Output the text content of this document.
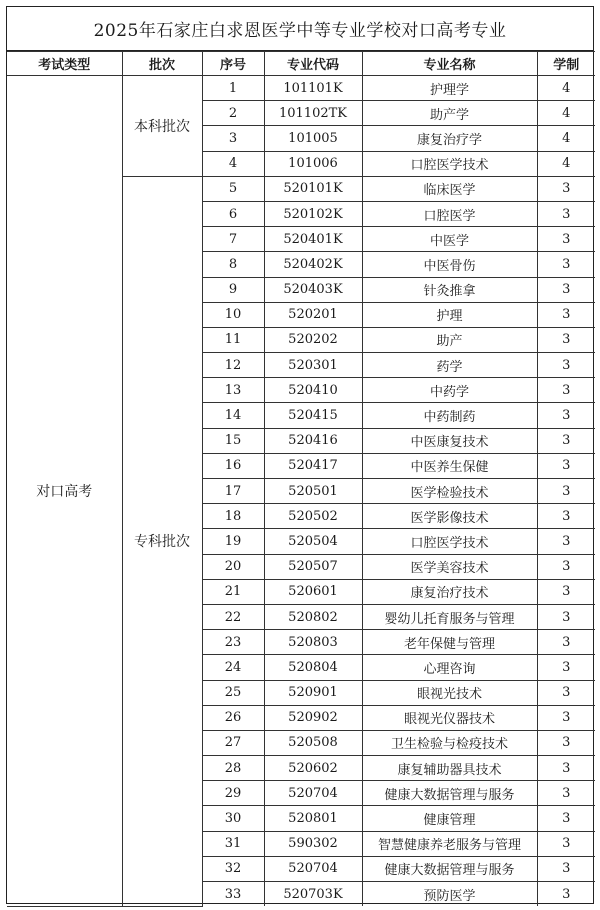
2025年石家庄白求恩医学中等专业学校对口高考专业
考试类型	批次	序号	专业代码	专业名称	学制
对口高考	本科批次	1	101101K	护理学	4
		2	101102TK	助产学	4
		3	101005	康复治疗学	4
		4	101006	口腔医学技术	4
	专科批次	5	520101K	临床医学	3
		6	520102K	口腔医学	3
		7	520401K	中医学	3
		8	520402K	中医骨伤	3
		9	520403K	针灸推拿	3
		10	520201	护理	3
		11	520202	助产	3
		12	520301	药学	3
		13	520410	中药学	3
		14	520415	中药制药	3
		15	520416	中医康复技术	3
		16	520417	中医养生保健	3
		17	520501	医学检验技术	3
		18	520502	医学影像技术	3
		19	520504	口腔医学技术	3
		20	520507	医学美容技术	3
		21	520601	康复治疗技术	3
		22	520802	婴幼儿托育服务与管理	3
		23	520803	老年保健与管理	3
		24	520804	心理咨询	3
		25	520901	眼视光技术	3
		26	520902	眼视光仪器技术	3
		27	520508	卫生检验与检疫技术	3
		28	520602	康复辅助器具技术	3
		29	520704	健康大数据管理与服务	3
		30	520801	健康管理	3
		31	590302	智慧健康养老服务与管理	3
		32	520704	健康大数据管理与服务	3
		33	520703K	预防医学	3
